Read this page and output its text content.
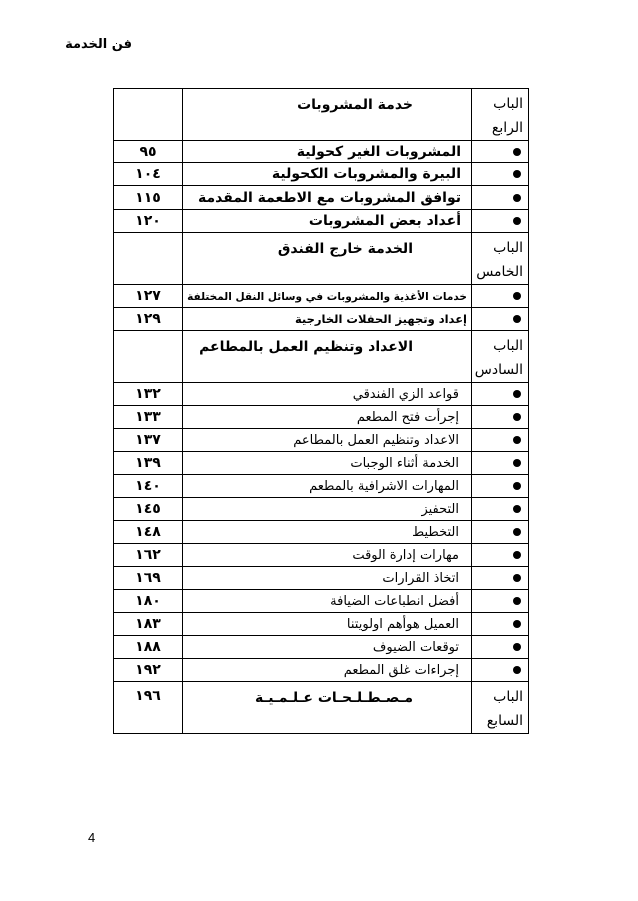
فن الخدمة
الباب
الرابع	خدمة المشروبات	
	المشروبات الغير كحولية	٩٥
	البيرة والمشروبات الكحولية	١٠٤
	توافق المشروبات مع الاطعمة المقدمة	١١٥
	أعداد بعض المشروبات	١٢٠

الباب
الخامس	الخدمة خارج الفندق	
	خدمات الأغذية والمشروبات في وسائل النقل المختلفة	١٢٧
	إعداد وتجهيز الحفلات الخارجية	١٢٩

الباب
السادس	الاعداد وتنظيم العمل بالمطاعم	
	قواعد الزي الفندقي	١٣٢
	إجرأت فتح المطعم	١٣٣
	الاعداد وتنظيم العمل بالمطاعم	١٣٧
	الخدمة أثناء الوجبات	١٣٩
	المهارات الاشرافية بالمطعم	١٤٠
	التحفيز	١٤٥
	التخطيط	١٤٨
	مهارات إدارة الوقت	١٦٢
	اتخاذ القرارات	١٦٩
	أفضل انطباعات الضيافة	١٨٠
	العميل هوأهم اولويتنا	١٨٣
	توقعات الضيوف	١٨٨
	إجراءات غلق المطعم	١٩٢

الباب
السابع	مـصـطـلـحـات عـلـمـيـة	١٩٦
4
